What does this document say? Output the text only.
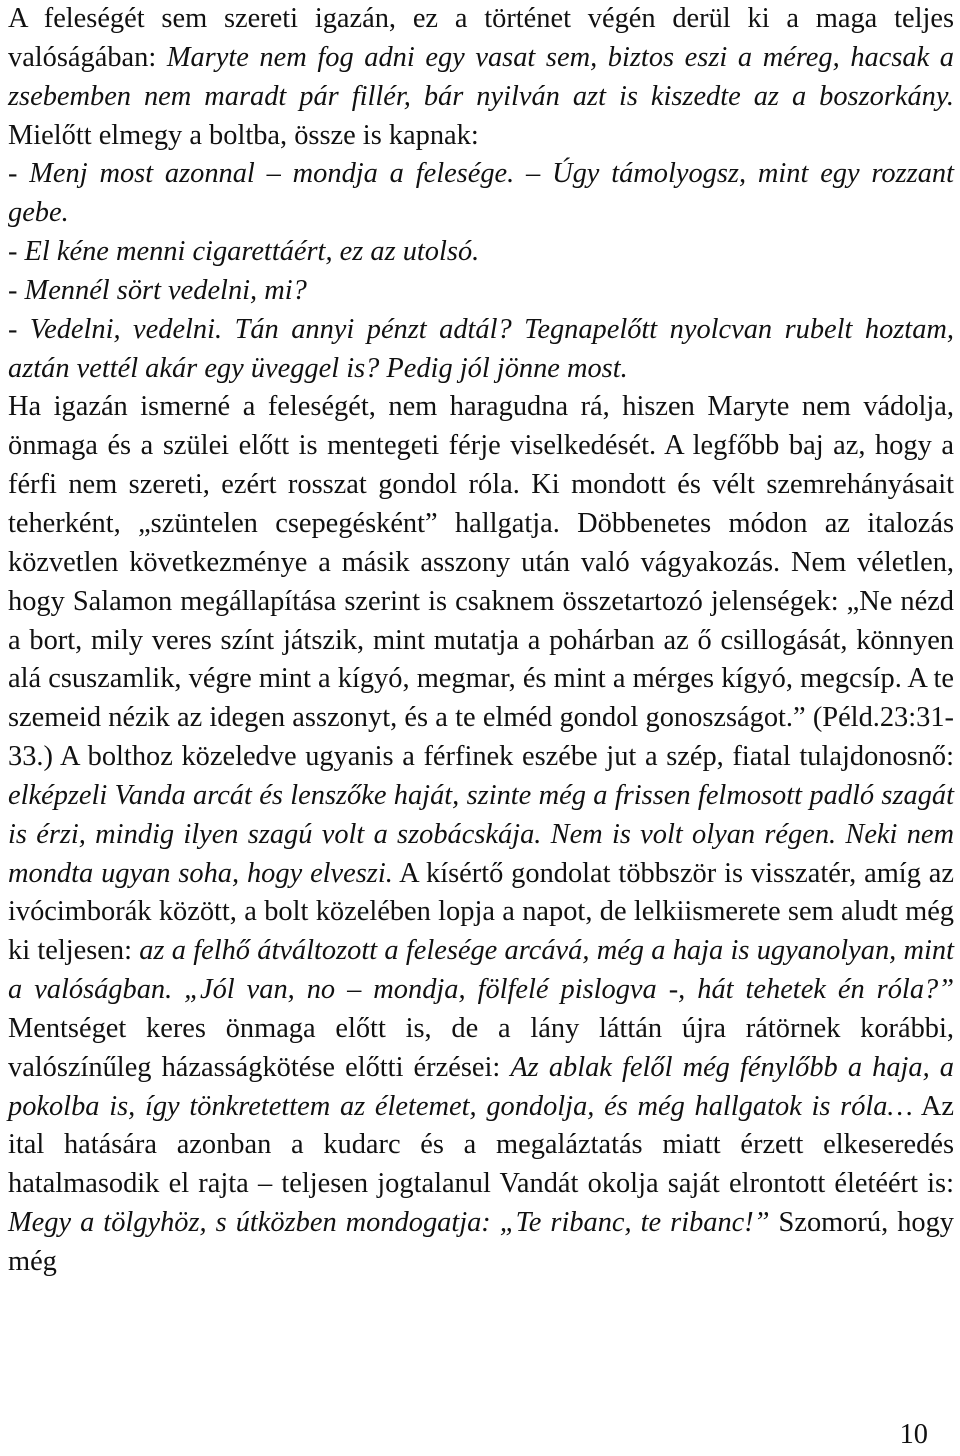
A feleségét sem szereti igazán, ez a történet végén derül ki a maga teljes valóságában: Maryte nem fog adni egy vasat sem, biztos eszi a méreg, hacsak a zsebemben nem maradt pár fillér, bár nyilván azt is kiszedte az a boszorkány. Mielőtt elmegy a boltba, össze is kapnak:

- Menj most azonnal – mondja a felesége. – Úgy támolyogsz, mint egy rozzant gebe.

- El kéne menni cigarettáért, ez az utolsó.

- Mennél sört vedelni, mi?

- Vedelni, vedelni. Tán annyi pénzt adtál? Tegnapelőtt nyolcvan rubelt hoztam, aztán vettél akár egy üveggel is? Pedig jól jönne most.

Ha igazán ismerné a feleségét, nem haragudna rá, hiszen Maryte nem vádolja, önmaga és a szülei előtt is mentegeti férje viselkedését. A legfőbb baj az, hogy a férfi nem szereti, ezért rosszat gondol róla. Ki mondott és vélt szemrehányásait teherként, „szüntelen csepegésként” hallgatja. Döbbenetes módon az italozás közvetlen következménye a másik asszony után való vágyakozás. Nem véletlen, hogy Salamon megállapítása szerint is csaknem összetartozó jelenségek: „Ne nézd a bort, mily veres színt játszik, mint mutatja a pohárban az ő csillogását, könnyen alá csuszamlik, végre mint a kígyó, megmar, és mint a mérges kígyó, megcsíp. A te szemeid nézik az idegen asszonyt, és a te elméd gondol gonoszságot.” (Péld.23:31-33.) A bolthoz közeledve ugyanis a férfinek eszébe jut a szép, fiatal tulajdonosnő: elképzeli Vanda arcát és lenszőke haját, szinte még a frissen felmosott padló szagát is érzi, mindig ilyen szagú volt a szobácskája. Nem is volt olyan régen. Neki nem mondta ugyan soha, hogy elveszi. A kísértő gondolat többször is visszatér, amíg az ivócimborák között, a bolt közelében lopja a napot, de lelkiismerete sem aludt még ki teljesen: az a felhő átváltozott a felesége arcává, még a haja is ugyanolyan, mint a valóságban. „Jól van, no – mondja, fölfelé pislogva -, hát tehetek én róla?” Mentséget keres önmaga előtt is, de a lány láttán újra rátörnek korábbi, valószínűleg házasságkötése előtti érzései: Az ablak felől még fénylőbb a haja, a pokolba is, így tönkretettem az életemet, gondolja, és még hallgatok is róla… Az ital hatására azonban a kudarc és a megaláztatás miatt érzett elkeseredés hatalmasodik el rajta – teljesen jogtalanul Vandát okolja saját elrontott életéért is: Megy a tölgyhöz, s útközben mondogatja: „Te ribanc, te ribanc!” Szomorú, hogy még

10
